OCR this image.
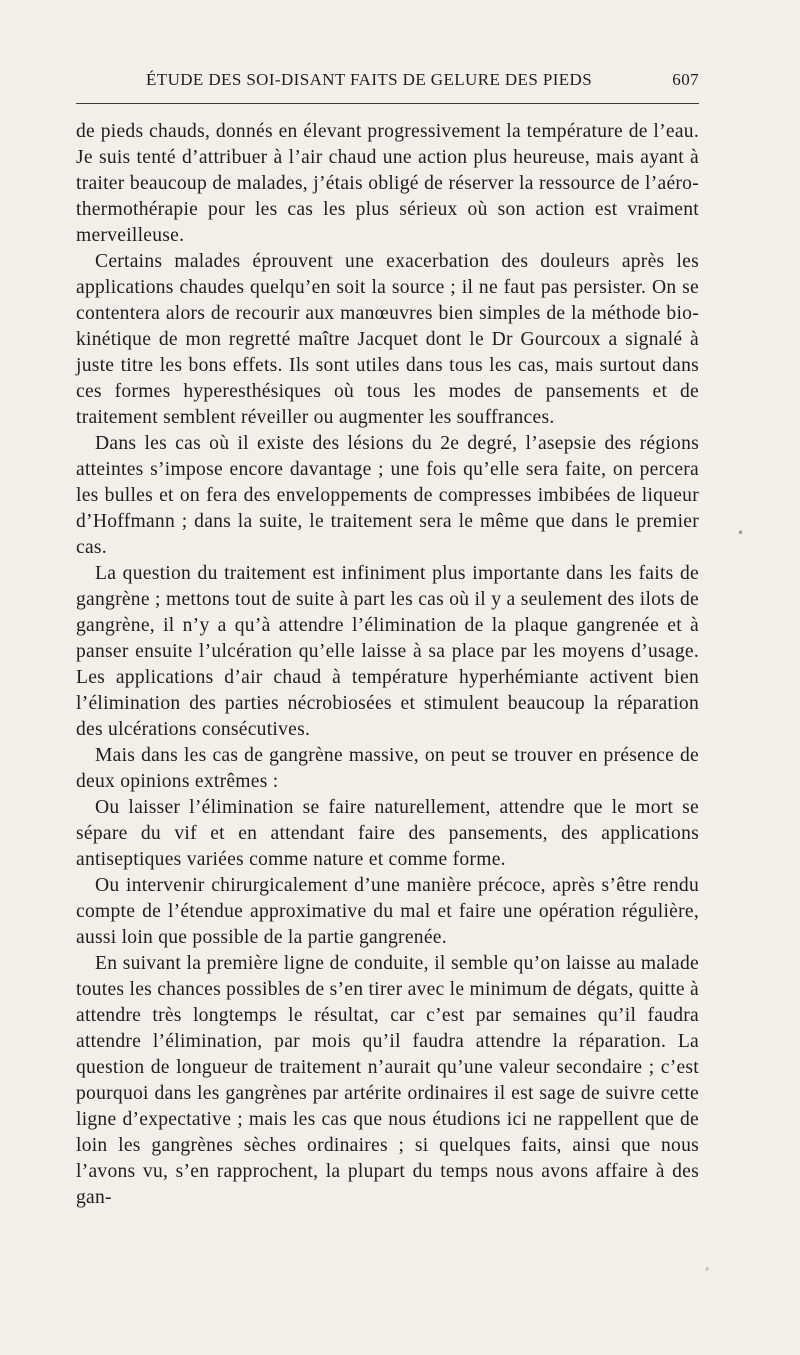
ÉTUDE DES SOI-DISANT FAITS DE GELURE DES PIEDS	607

de pieds chauds, donnés en élevant progressivement la température de l’eau. Je suis tenté d’attribuer à l’air chaud une action plus heureuse, mais ayant à traiter beaucoup de malades, j’étais obligé de réserver la ressource de l’aéro-thermothérapie pour les cas les plus sérieux où son action est vraiment merveilleuse.

Certains malades éprouvent une exacerbation des douleurs après les applications chaudes quelqu’en soit la source ; il ne faut pas persister. On se contentera alors de recourir aux manœuvres bien simples de la méthode bio-kinétique de mon regretté maître Jacquet dont le Dr Gourcoux a signalé à juste titre les bons effets. Ils sont utiles dans tous les cas, mais surtout dans ces formes hyperesthésiques où tous les modes de pansements et de traitement semblent réveiller ou augmenter les souffrances.

Dans les cas où il existe des lésions du 2e degré, l’asepsie des régions atteintes s’impose encore davantage ; une fois qu’elle sera faite, on percera les bulles et on fera des enveloppements de compresses imbibées de liqueur d’Hoffmann ; dans la suite, le traitement sera le même que dans le premier cas.

La question du traitement est infiniment plus importante dans les faits de gangrène ; mettons tout de suite à part les cas où il y a seulement des ilots de gangrène, il n’y a qu’à attendre l’élimination de la plaque gangrenée et à panser ensuite l’ulcération qu’elle laisse à sa place par les moyens d’usage. Les applications d’air chaud à température hyperhémiante activent bien l’élimination des parties nécrobiosées et stimulent beaucoup la réparation des ulcérations consécutives.

Mais dans les cas de gangrène massive, on peut se trouver en présence de deux opinions extrêmes :

Ou laisser l’élimination se faire naturellement, attendre que le mort se sépare du vif et en attendant faire des pansements, des applications antiseptiques variées comme nature et comme forme.

Ou intervenir chirurgicalement d’une manière précoce, après s’être rendu compte de l’étendue approximative du mal et faire une opération régulière, aussi loin que possible de la partie gangrenée.

En suivant la première ligne de conduite, il semble qu’on laisse au malade toutes les chances possibles de s’en tirer avec le minimum de dégats, quitte à attendre très longtemps le résultat, car c’est par semaines qu’il faudra attendre l’élimination, par mois qu’il faudra attendre la réparation. La question de longueur de traitement n’aurait qu’une valeur secondaire ; c’est pourquoi dans les gangrènes par artérite ordinaires il est sage de suivre cette ligne d’expectative ; mais les cas que nous étudions ici ne rappellent que de loin les gangrènes sèches ordinaires ; si quelques faits, ainsi que nous l’avons vu, s’en rapprochent, la plupart du temps nous avons affaire à des gan-

•
⸗
